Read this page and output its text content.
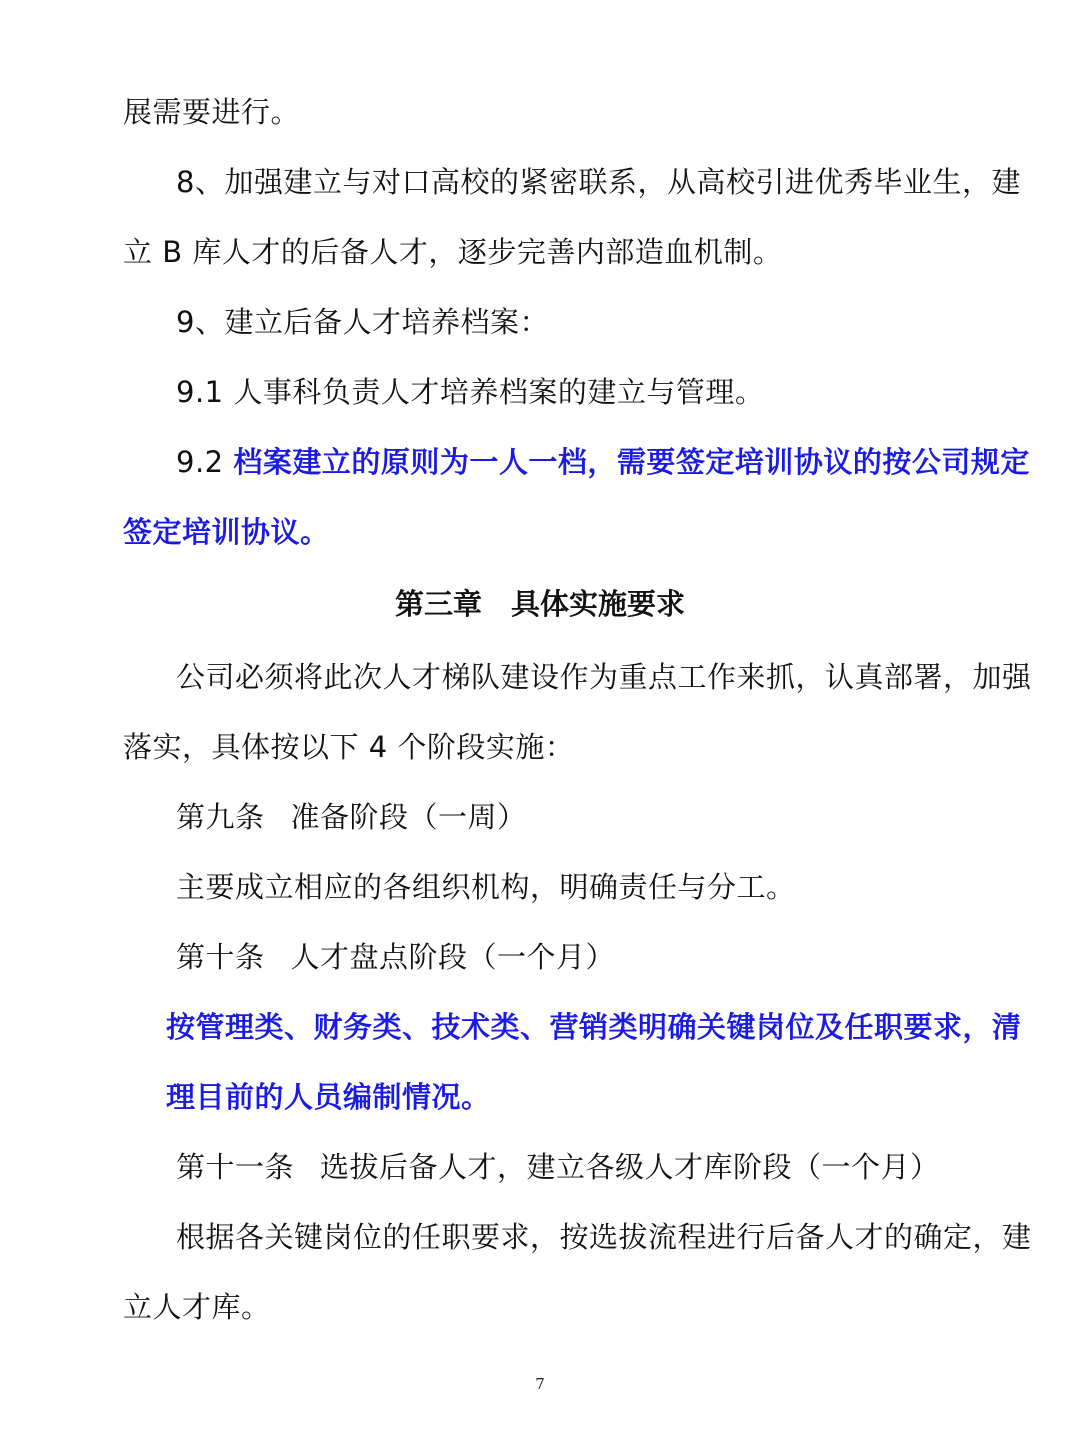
展需要进行。
8、加强建立与对口高校的紧密联系，从高校引进优秀毕业生，建
立 B 库人才的后备人才，逐步完善内部造血机制。
9、建立后备人才培养档案：
9.1 人事科负责人才培养档案的建立与管理。
9.2 档案建立的原则为一人一档，需要签定培训协议的按公司规定
签定培训协议。
第三章　具体实施要求
公司必须将此次人才梯队建设作为重点工作来抓，认真部署，加强
落实，具体按以下 4 个阶段实施：
第九条 准备阶段（一周）
主要成立相应的各组织机构，明确责任与分工。
第十条 人才盘点阶段（一个月）
按管理类、财务类、技术类、营销类明确关键岗位及任职要求，清
理目前的人员编制情况。
第十一条 选拔后备人才，建立各级人才库阶段（一个月）
根据各关键岗位的任职要求，按选拔流程进行后备人才的确定，建
立人才库。
7
